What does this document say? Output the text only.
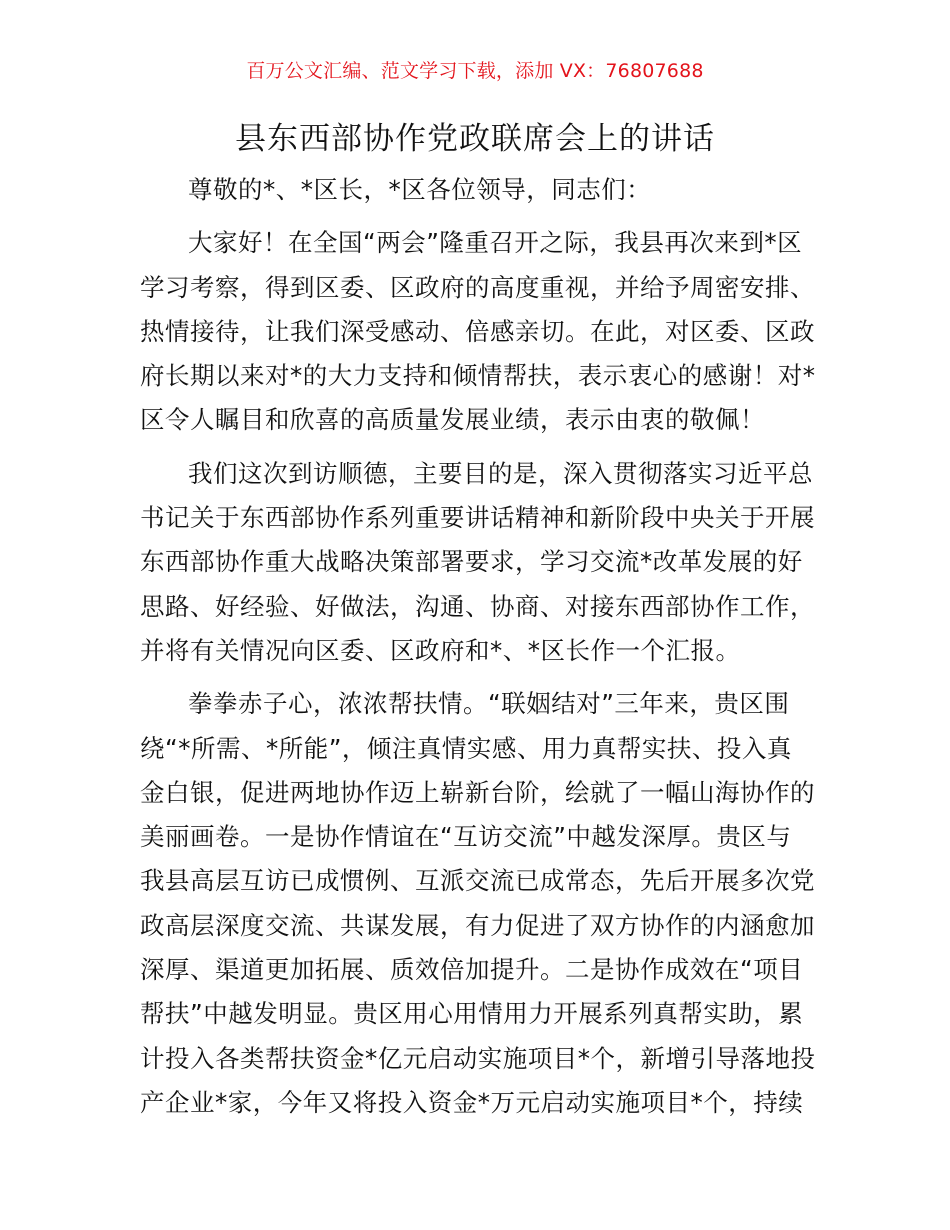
百万公文汇编、范文学习下载，添加 VX：76807688
县东西部协作党政联席会上的讲话
尊敬的*、*区长，*区各位领导，同志们：
大家好！在全国“两会”隆重召开之际，我县再次来到*区
学习考察，得到区委、区政府的高度重视，并给予周密安排、
热情接待，让我们深受感动、倍感亲切。在此，对区委、区政
府长期以来对*的大力支持和倾情帮扶，表示衷心的感谢！对*
区令人瞩目和欣喜的高质量发展业绩，表示由衷的敬佩！
我们这次到访顺德，主要目的是，深入贯彻落实习近平总
书记关于东西部协作系列重要讲话精神和新阶段中央关于开展
东西部协作重大战略决策部署要求，学习交流*改革发展的好
思路、好经验、好做法，沟通、协商、对接东西部协作工作，
并将有关情况向区委、区政府和*、*区长作一个汇报。
拳拳赤子心，浓浓帮扶情。“联姻结对”三年来，贵区围
绕“*所需、*所能”，倾注真情实感、用力真帮实扶、投入真
金白银，促进两地协作迈上崭新台阶，绘就了一幅山海协作的
美丽画卷。一是协作情谊在“互访交流”中越发深厚。贵区与
我县高层互访已成惯例、互派交流已成常态，先后开展多次党
政高层深度交流、共谋发展，有力促进了双方协作的内涵愈加
深厚、渠道更加拓展、质效倍加提升。二是协作成效在“项目
帮扶”中越发明显。贵区用心用情用力开展系列真帮实助，累
计投入各类帮扶资金*亿元启动实施项目*个，新增引导落地投
产企业*家，今年又将投入资金*万元启动实施项目*个，持续
